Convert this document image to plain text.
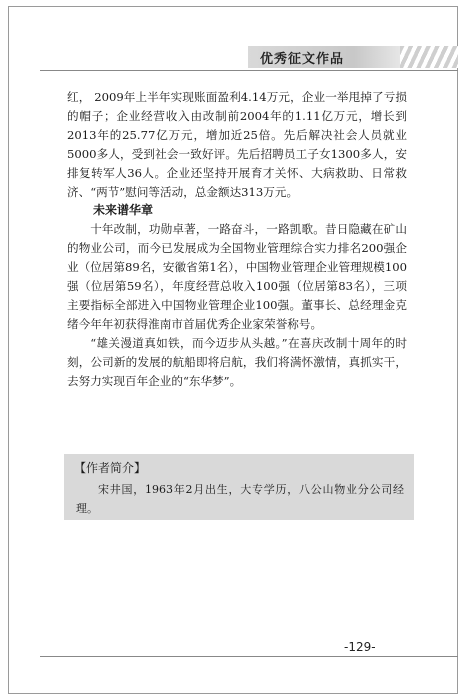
优秀征文作品

红， 2009年上半年实现账面盈利4.14万元，企业一举甩掉了亏损的帽子；企业经营收入由改制前2004年的1.11亿万元，增长到2013年的25.77亿万元，增加近25倍。先后解决社会人员就业5000多人，受到社会一致好评。先后招聘员工子女1300多人，安排复转军人36人。企业还坚持开展育才关怀、大病救助、日常救济、“两节”慰问等活动，总金额达313万元。

未来谱华章

十年改制，功勋卓著，一路奋斗，一路凯歌。昔日隐藏在矿山的物业公司，而今已发展成为全国物业管理综合实力排名200强企业（位居第89名，安徽省第1名），中国物业管理企业管理规模100强（位居第59名），年度经营总收入100强（位居第83名），三项主要指标全部进入中国物业管理企业100强。董事长、总经理金克绪今年年初获得淮南市首届优秀企业家荣誉称号。

“雄关漫道真如铁，而今迈步从头越。”在喜庆改制十周年的时刻，公司新的发展的航船即将启航，我们将满怀激情，真抓实干，去努力实现百年企业的“东华梦”。

【作者简介】
宋井国，1963年2月出生，大专学历，八公山物业分公司经理。
-129-
